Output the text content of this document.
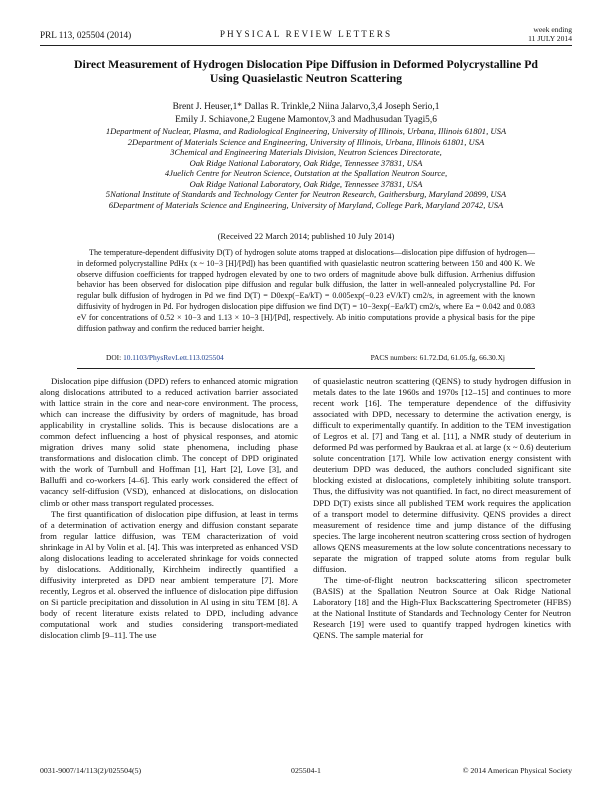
PRL 113, 025504 (2014)	PHYSICAL REVIEW LETTERS	week ending
11 JULY 2014
Direct Measurement of Hydrogen Dislocation Pipe Diffusion in Deformed Polycrystalline Pd Using Quasielastic Neutron Scattering
Brent J. Heuser,1* Dallas R. Trinkle,2 Niina Jalarvo,3,4 Joseph Serio,1
Emily J. Schiavone,2 Eugene Mamontov,3 and Madhusudan Tyagi5,6
1Department of Nuclear, Plasma, and Radiological Engineering, University of Illinois, Urbana, Illinois 61801, USA
2Department of Materials Science and Engineering, University of Illinois, Urbana, Illinois 61801, USA
3Chemical and Engineering Materials Division, Neutron Sciences Directorate,
Oak Ridge National Laboratory, Oak Ridge, Tennessee 37831, USA
4Juelich Centre for Neutron Science, Outstation at the Spallation Neutron Source,
Oak Ridge National Laboratory, Oak Ridge, Tennessee 37831, USA
5National Institute of Standards and Technology Center for Neutron Research, Gaithersburg, Maryland 20899, USA
6Department of Materials Science and Engineering, University of Maryland, College Park, Maryland 20742, USA
(Received 22 March 2014; published 10 July 2014)
The temperature-dependent diffusivity D(T) of hydrogen solute atoms trapped at dislocations—dislocation pipe diffusion of hydrogen—in deformed polycrystalline PdHx (x ~ 10−3 [H]/[Pd]) has been quantified with quasielastic neutron scattering between 150 and 400 K. We observe diffusion coefficients for trapped hydrogen elevated by one to two orders of magnitude above bulk diffusion. Arrhenius diffusion behavior has been observed for dislocation pipe diffusion and regular bulk diffusion, the latter in well-annealed polycrystalline Pd. For regular bulk diffusion of hydrogen in Pd we find D(T) = D0exp(−Ea/kT) = 0.005exp(−0.23 eV/kT) cm2/s, in agreement with the known diffusivity of hydrogen in Pd. For hydrogen dislocation pipe diffusion we find D(T) = 10−3exp(−Ea/kT) cm2/s, where Ea = 0.042 and 0.083 eV for concentrations of 0.52 × 10−3 and 1.13 × 10−3 [H]/[Pd], respectively. Ab initio computations provide a physical basis for the pipe diffusion pathway and confirm the reduced barrier height.
DOI: 10.1103/PhysRevLett.113.025504	PACS numbers: 61.72.Dd, 61.05.fg, 66.30.Xj

Dislocation pipe diffusion (DPD) refers to enhanced atomic migration along dislocations attributed to a reduced activation barrier associated with lattice strain in the core and near-core environment. The process, which can increase the diffusivity by orders of magnitude, has broad applicability in crystalline solids. This is because dislocations are a common defect influencing a host of physical responses, and atomic migration drives many solid state phenomena, including phase transformations and dislocation climb. The concept of DPD originated with the work of Turnbull and Hoffman [1], Hart [2], Love [3], and Balluffi and co-workers [4–6]. This early work considered the effect of vacancy self-diffusion (VSD), enhanced at dislocations, on dislocation climb or other mass transport regulated processes.

The first quantification of dislocation pipe diffusion, at least in terms of a determination of activation energy and diffusion constant separate from regular lattice diffusion, was TEM characterization of void shrinkage in Al by Volin et al. [4]. This was interpreted as enhanced VSD along dislocations leading to accelerated shrinkage for voids connected by dislocations. Additionally, Kirchheim indirectly quantified a diffusivity interpreted as DPD near ambient temperature [7]. More recently, Legros et al. observed the influence of dislocation pipe diffusion on Si particle precipitation and dissolution in Al using in situ TEM [8]. A body of recent literature exists related to DPD, including advance computational work and studies considering transport-mediated dislocation climb [9–11]. The use

of quasielastic neutron scattering (QENS) to study hydrogen diffusion in metals dates to the late 1960s and 1970s [12–15] and continues to more recent work [16]. The temperature dependence of the diffusivity associated with DPD, necessary to determine the activation energy, is difficult to experimentally quantify. In addition to the TEM investigation of Legros et al. [7] and Tang et al. [11], a NMR study of deuterium in deformed Pd was performed by Baukraa et al. at large (x ~ 0.6) deuterium solute concentration [17]. While low activation energy consistent with deuterium DPD was deduced, the authors concluded significant site blocking existed at dislocations, completely inhibiting solute transport. Thus, the diffusivity was not quantified. In fact, no direct measurement of DPD D(T) exists since all published TEM work requires the application of a transport model to determine diffusivity. QENS provides a direct measurement of residence time and jump distance of the diffusing species. The large incoherent neutron scattering cross section of hydrogen allows QENS measurements at the low solute concentrations necessary to separate the migration of trapped solute atoms from regular bulk diffusion.

The time-of-flight neutron backscattering silicon spectrometer (BASIS) at the Spallation Neutron Source at Oak Ridge National Laboratory [18] and the High-Flux Backscattering Spectrometer (HFBS) at the National Institute of Standards and Technology Center for Neutron Research [19] were used to quantify trapped hydrogen kinetics with QENS. The sample material for

0031-9007/14/113(2)/025504(5)	025504-1	© 2014 American Physical Society
